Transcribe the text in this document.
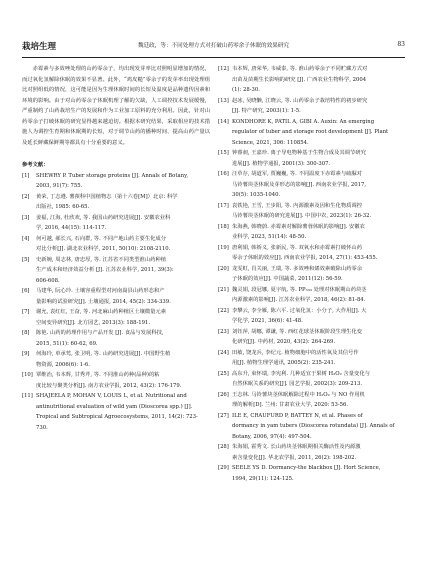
栽培生理	魏廷政，等：不同处理方式对打破山药零余子休眠的效果研究	83

赤霉素与多效唑处理的山药零余子，均出现发芽率比对照明显增加的情况，而过氧化氢解除休眠的效果不显著。此外，“鸡皮糙”零余子的发芽率出现处理组比对照组低的情况，这可能是因为生理休眠时间的长短及温度是品种遗传因素和环境的影响。由于对山药零余子休眠机理了解的欠缺，人工调控技术发展缓慢，严重制约了山药栽培生产的发展和作为工业加工原料的充分利用。因此，针对山药零余子打破休眠的研究显得越来越迫切。根据本研究结果，采取相应的技术措施人为调控生育期和休眠期的长短，对于调节山药的播种时间、提高山药产量以及延长鲜藏保鲜期等都具有十分重要的意义。

参考文献：
[1]	SHEWRY P. Tuber storage proteins [J]. Annals of Botany,
2003, 91(7): 755.
[2]	黄荣, 丁志遵. 薯蓣科中国植物志（第十六卷[M]）北京: 科学
出版社, 1985: 60-65.
[3]	姜福, 江海, 杜欣欢, 等. 我国山药研究进展[J]. 安徽农业科
学, 2016, 44(15): 114-117.
[4]	何可越, 郝长兴, 石向群, 等. 不同产地山药主要生化成分
对比分析[J]. 湖北农业科学, 2011, 50(10): 2108-2110.
[5]	史新婉, 周志林, 唐忠厚, 等. 江苏省不同类型淮山药种植
生产成本和经济效益分析 [J]. 江苏农业科学, 2011, 39(3):
606-608.
[6]	马建华, 阮心玲. 土壤容重程型对河南嵩县山药形态和产
量影响的试验研究[J]. 土壤通报, 2014, 45(2): 334-339.
[7]	谢允, 袁红红, 王奋, 等. 河北麻山药种植区土壤微量元素
空间变异研究[J]. 北方园艺, 2013(3): 188-191.
[8]	陈艳. 山药的药理作用与产品开发 [J]. 食品与发展科技,
2015, 51(1): 60-62, 69.
[9]	何海玲, 单承莺, 张卫明, 等. 山药研究进展[J]. 中国野生植
物资源, 2006(6): 1-6.
[10] 覃维治, 韦本辉, 甘秀芹, 等. 不同淮山药种(品种)的粘
度比较与聚类分析[J]. 南方农业学报, 2012, 43(2): 176-179.
[11] SHAJEELA P, MOHAN V, LOUIS L, et al. Nutritional and
antinutritional evaluation of wild yam (Dioscorea spp.) [J].
Tropical and Subtropical Agroecosystems, 2011, 14(2): 723-
730.
[12] 韦本辉, 唐荣华, 韦威泰, 等. 淮山药零余子不同贮藏方式对
出苗及苗期生长影响的研究 [J]. 广西农业生物科学, 2004
(1): 28-30.
[13] 赵冰, 吴晓懒, 江晓云, 等. 山药零余子栽培特性的初步研究
[J]. 特产研究, 2003(1): 1-5.
[14] KONDHORE K, PATIL A, GIBI A. Auxin: An emerging
regulator of tuber and storage root development [J]. Plant
Science, 2021, 306: 110854.
[15] 钟睿昶, 王嘉珍. 离子导电物种基于生物合成及其调节研究
进展[J]. 植物学通报, 2001(3): 300-307.
[16] 汪草存, 胡道军, 贾巍巍, 等. 不同温度下赤霉素与硫脲对
马铃薯块茎休眠及芽形态的影响[J]. 西南农业学报, 2017,
30(5): 1035-1040.
[17] 袁铁艳, 王雪, 王步阳, 等. 内源激素及因和生化物质调控
马铃薯块茎休眠的研究进展[J]. 中国中农, 2023(1): 26-32.
[18] 朱海燕, 韩晓蔚. 赤霉素对解除薯蓉休眠的影响[J]. 安徽农
业科学, 2023, 51(14): 48-50.
[19] 唐利娟, 韩娇义, 张新民, 等. 双氧水和赤霉素打破怀山药
零余子休眠的效应[J]. 西南农业学报, 2014, 27(1): 453-455.
[20] 龙雯虹, 肖关丽, 王瑞, 等. 多效唑和烯效素破除山药零余
子休眠的效应[J]. 中国蔬菜, 2011(12): 56-59.
[21] 魏灵娟, 段冠娜, 夏宇航, 等. PP₃₃₃ 处理对休眠期山药块茎
内源激素的影响[J]. 江苏农业科学, 2018, 46(2): 81-84.
[22] 李攀云, 李全雁, 陈六平. 过氧化氢：小分子, 大作用[J]. 大
学化学, 2021, 36(6): 41-48.
[23] 刘钰萍, 胡娜, 谭谦, 等. 西红花球茎休眠阶段生理生化变
化研究[J]. 中药材, 2020, 43(2): 264-269.
[24] 田敏, 饶龙兵, 李纪元. 植物细胞中的活性氧及其信号作
用[J]. 植物生理学通讯, 2005(2): 235-241.
[25] 高东升, 束怀瑞, 李宪利. 几种适宜于果树 H₂O₂ 含量变化与
自然休眠关系的研究[J]. 园艺学报, 2002(3): 209-213.
[26] 王志林. 马铃薯块茎休眠解除过程中 H₂O₂ 与 NO 作用机
理的解析[D]. 兰州: 甘肃农业大学, 2020: 53-56.
[27] ILE E, CRAUFURD P, BATTEY N, et al. Phases of
dormancy in yam tubers (Dioscorea rotundata) [J]. Annals of
Botany, 2006, 97(4): 497-504.
[28] 朱海娟, 霍秀文. 长山药块茎休眠期相关酶活性及内源激
素含量变化[J]. 华北农学报, 2011, 26(2): 198-202.
[29] SEELE YS D. Dormancy-the blackbox [J]. Hort Science,
1994, 29(11): 124-125.
